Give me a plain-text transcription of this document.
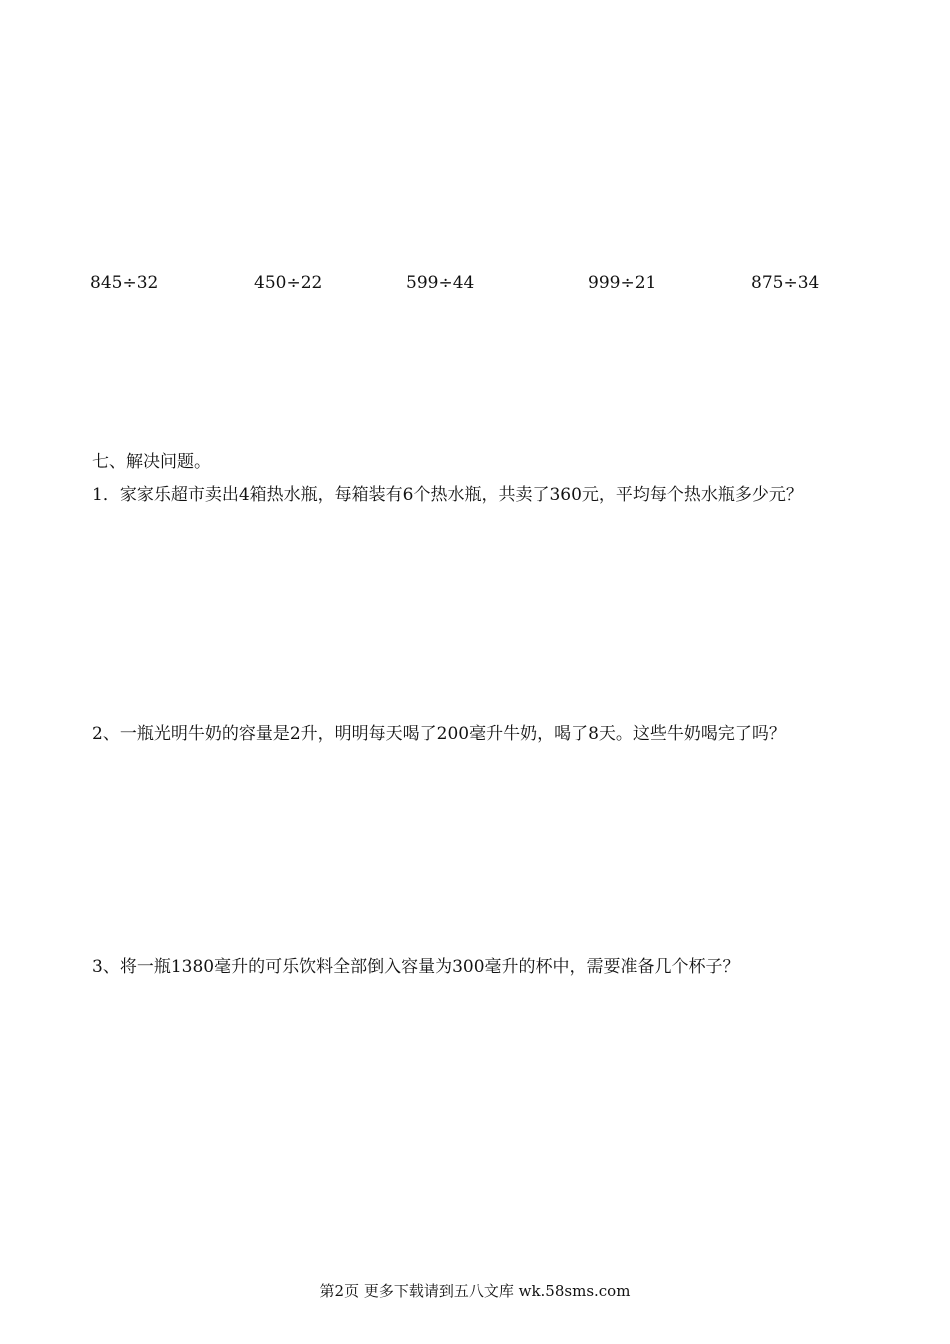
845÷32	450÷22	599÷44	999÷21	875÷34
七、解决问题。
1．家家乐超市卖出4箱热水瓶，每箱装有6个热水瓶，共卖了360元，平均每个热水瓶多少元？
2、一瓶光明牛奶的容量是2升，明明每天喝了200毫升牛奶，喝了8天。这些牛奶喝完了吗？
3、将一瓶1380毫升的可乐饮料全部倒入容量为300毫升的杯中，需要准备几个杯子？
第2页 更多下载请到五八文库 wk.58sms.com
